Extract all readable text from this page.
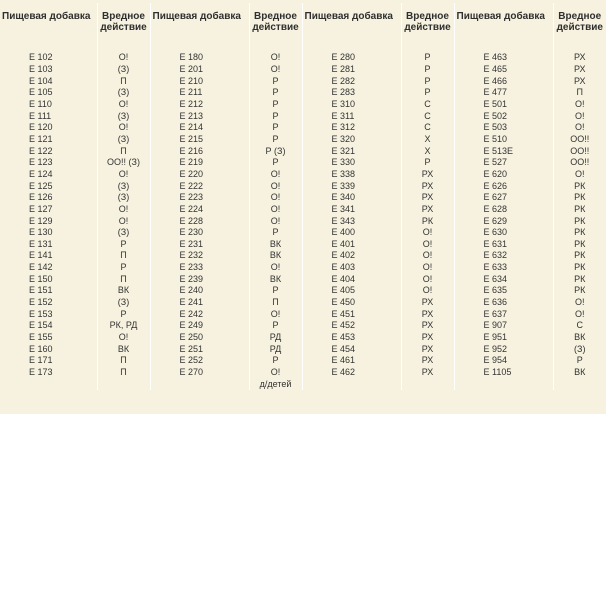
Пищевая добавка	Вредное действие	Пищевая добавка	Вредное действие	Пищевая добавка	Вредное действие	Пищевая добавка	Вредное действие
E 102	О!	E 180	О!	E 280	Р	E 463	РХ
E 103	(З)	E 201	О!	E 281	Р	E 465	РХ
E 104	П	E 210	Р	E 282	Р	E 466	РХ
E 105	(З)	E 211	Р	E 283	Р	E 477	П
E 110	О!	E 212	Р	E 310	С	E 501	О!
E 111	(З)	E 213	Р	E 311	С	E 502	О!
E 120	О!	E 214	Р	E 312	С	E 503	О!
E 121	(З)	E 215	Р	E 320	Х	E 510	ОО!!
E 122	П	E 216	Р (З)	E 321	Х	E 513Е	ОО!!
E 123	ОО!! (З)	E 219	Р	E 330	Р	E 527	ОО!!
E 124	О!	E 220	О!	E 338	РХ	E 620	О!
E 125	(З)	E 222	О!	E 339	РХ	E 626	РК
E 126	(З)	E 223	О!	E 340	РХ	E 627	РК
E 127	О!	E 224	О!	E 341	РХ	E 628	РК
E 129	О!	E 228	О!	E 343	РК	E 629	РК
E 130	(З)	E 230	Р	E 400	О!	E 630	РК
E 131	Р	E 231	ВК	E 401	О!	E 631	РК
E 141	П	E 232	ВК	E 402	О!	E 632	РК
E 142	Р	E 233	О!	E 403	О!	E 633	РК
E 150	П	E 239	ВК	E 404	О!	E 634	РК
E 151	ВК	E 240	Р	E 405	О!	E 635	РК
E 152	(З)	E 241	П	E 450	РХ	E 636	О!
E 153	Р	E 242	О!	E 451	РХ	E 637	О!
E 154	РК, РД	E 249	Р	E 452	РХ	E 907	С
E 155	О!	E 250	РД	E 453	РХ	E 951	ВК
E 160	ВК	E 251	РД	E 454	РХ	E 952	(З)
E 171	П	E 252	Р	E 461	РХ	E 954	Р
E 173	П	E 270	О!	E 462	РХ	E 1105	ВК
			д/детей				
